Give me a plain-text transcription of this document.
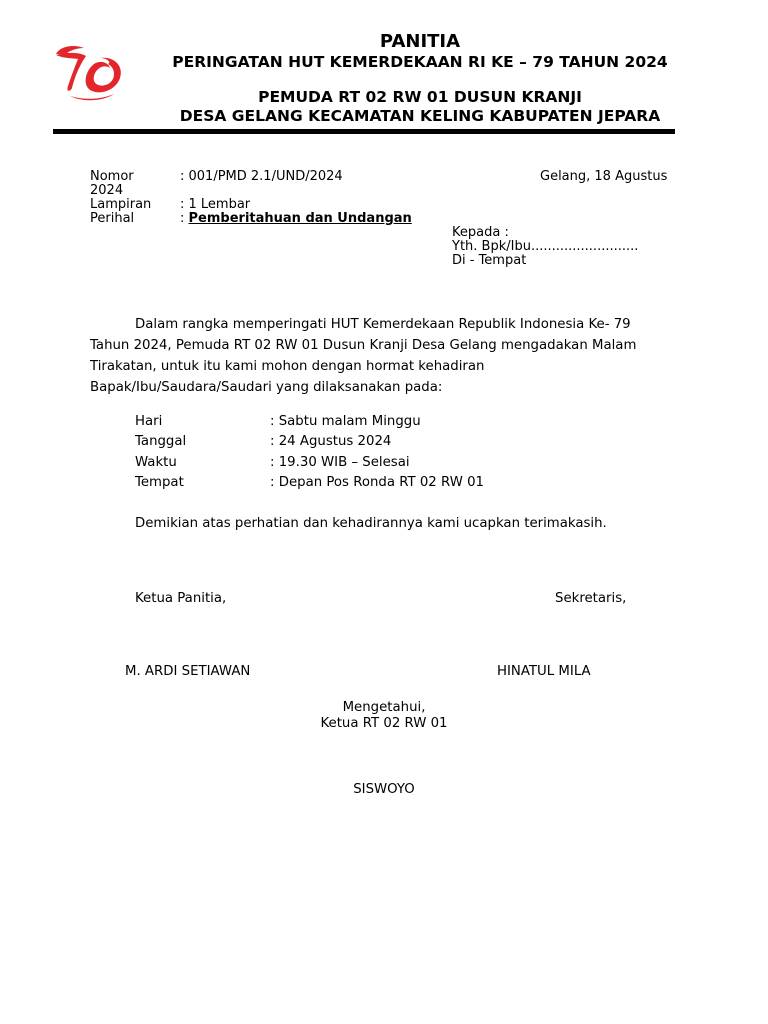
PANITIA
PERINGATAN HUT KEMERDEKAAN RI KE – 79 TAHUN 2024
PEMUDA RT 02 RW 01 DUSUN KRANJI
DESA GELANG KECAMATAN KELING KABUPATEN JEPARA
Nomor	: 001/PMD 2.1/UND/2024	Gelang, 18 Agustus
2024
Lampiran : 1 Lembar
Perihal	: Pemberitahuan dan Undangan
Kepada :
Yth. Bpk/Ibu..........................
Di - Tempat
Dalam rangka memperingati HUT Kemerdekaan Republik Indonesia Ke- 79
Tahun 2024, Pemuda RT 02 RW 01 Dusun Kranji Desa Gelang mengadakan Malam
Tirakatan, untuk itu kami mohon dengan hormat kehadiran
Bapak/Ibu/Saudara/Saudari yang dilaksanakan pada:
Hari	: Sabtu malam Minggu
Tanggal	: 24 Agustus 2024
Waktu	: 19.30 WIB – Selesai
Tempat	: Depan Pos Ronda RT 02 RW 01
Demikian atas perhatian dan kehadirannya kami ucapkan terimakasih.
Ketua Panitia,	Sekretaris,
M. ARDI SETIAWAN	HINATUL MILA
Mengetahui,
Ketua RT 02 RW 01
SISWOYO
